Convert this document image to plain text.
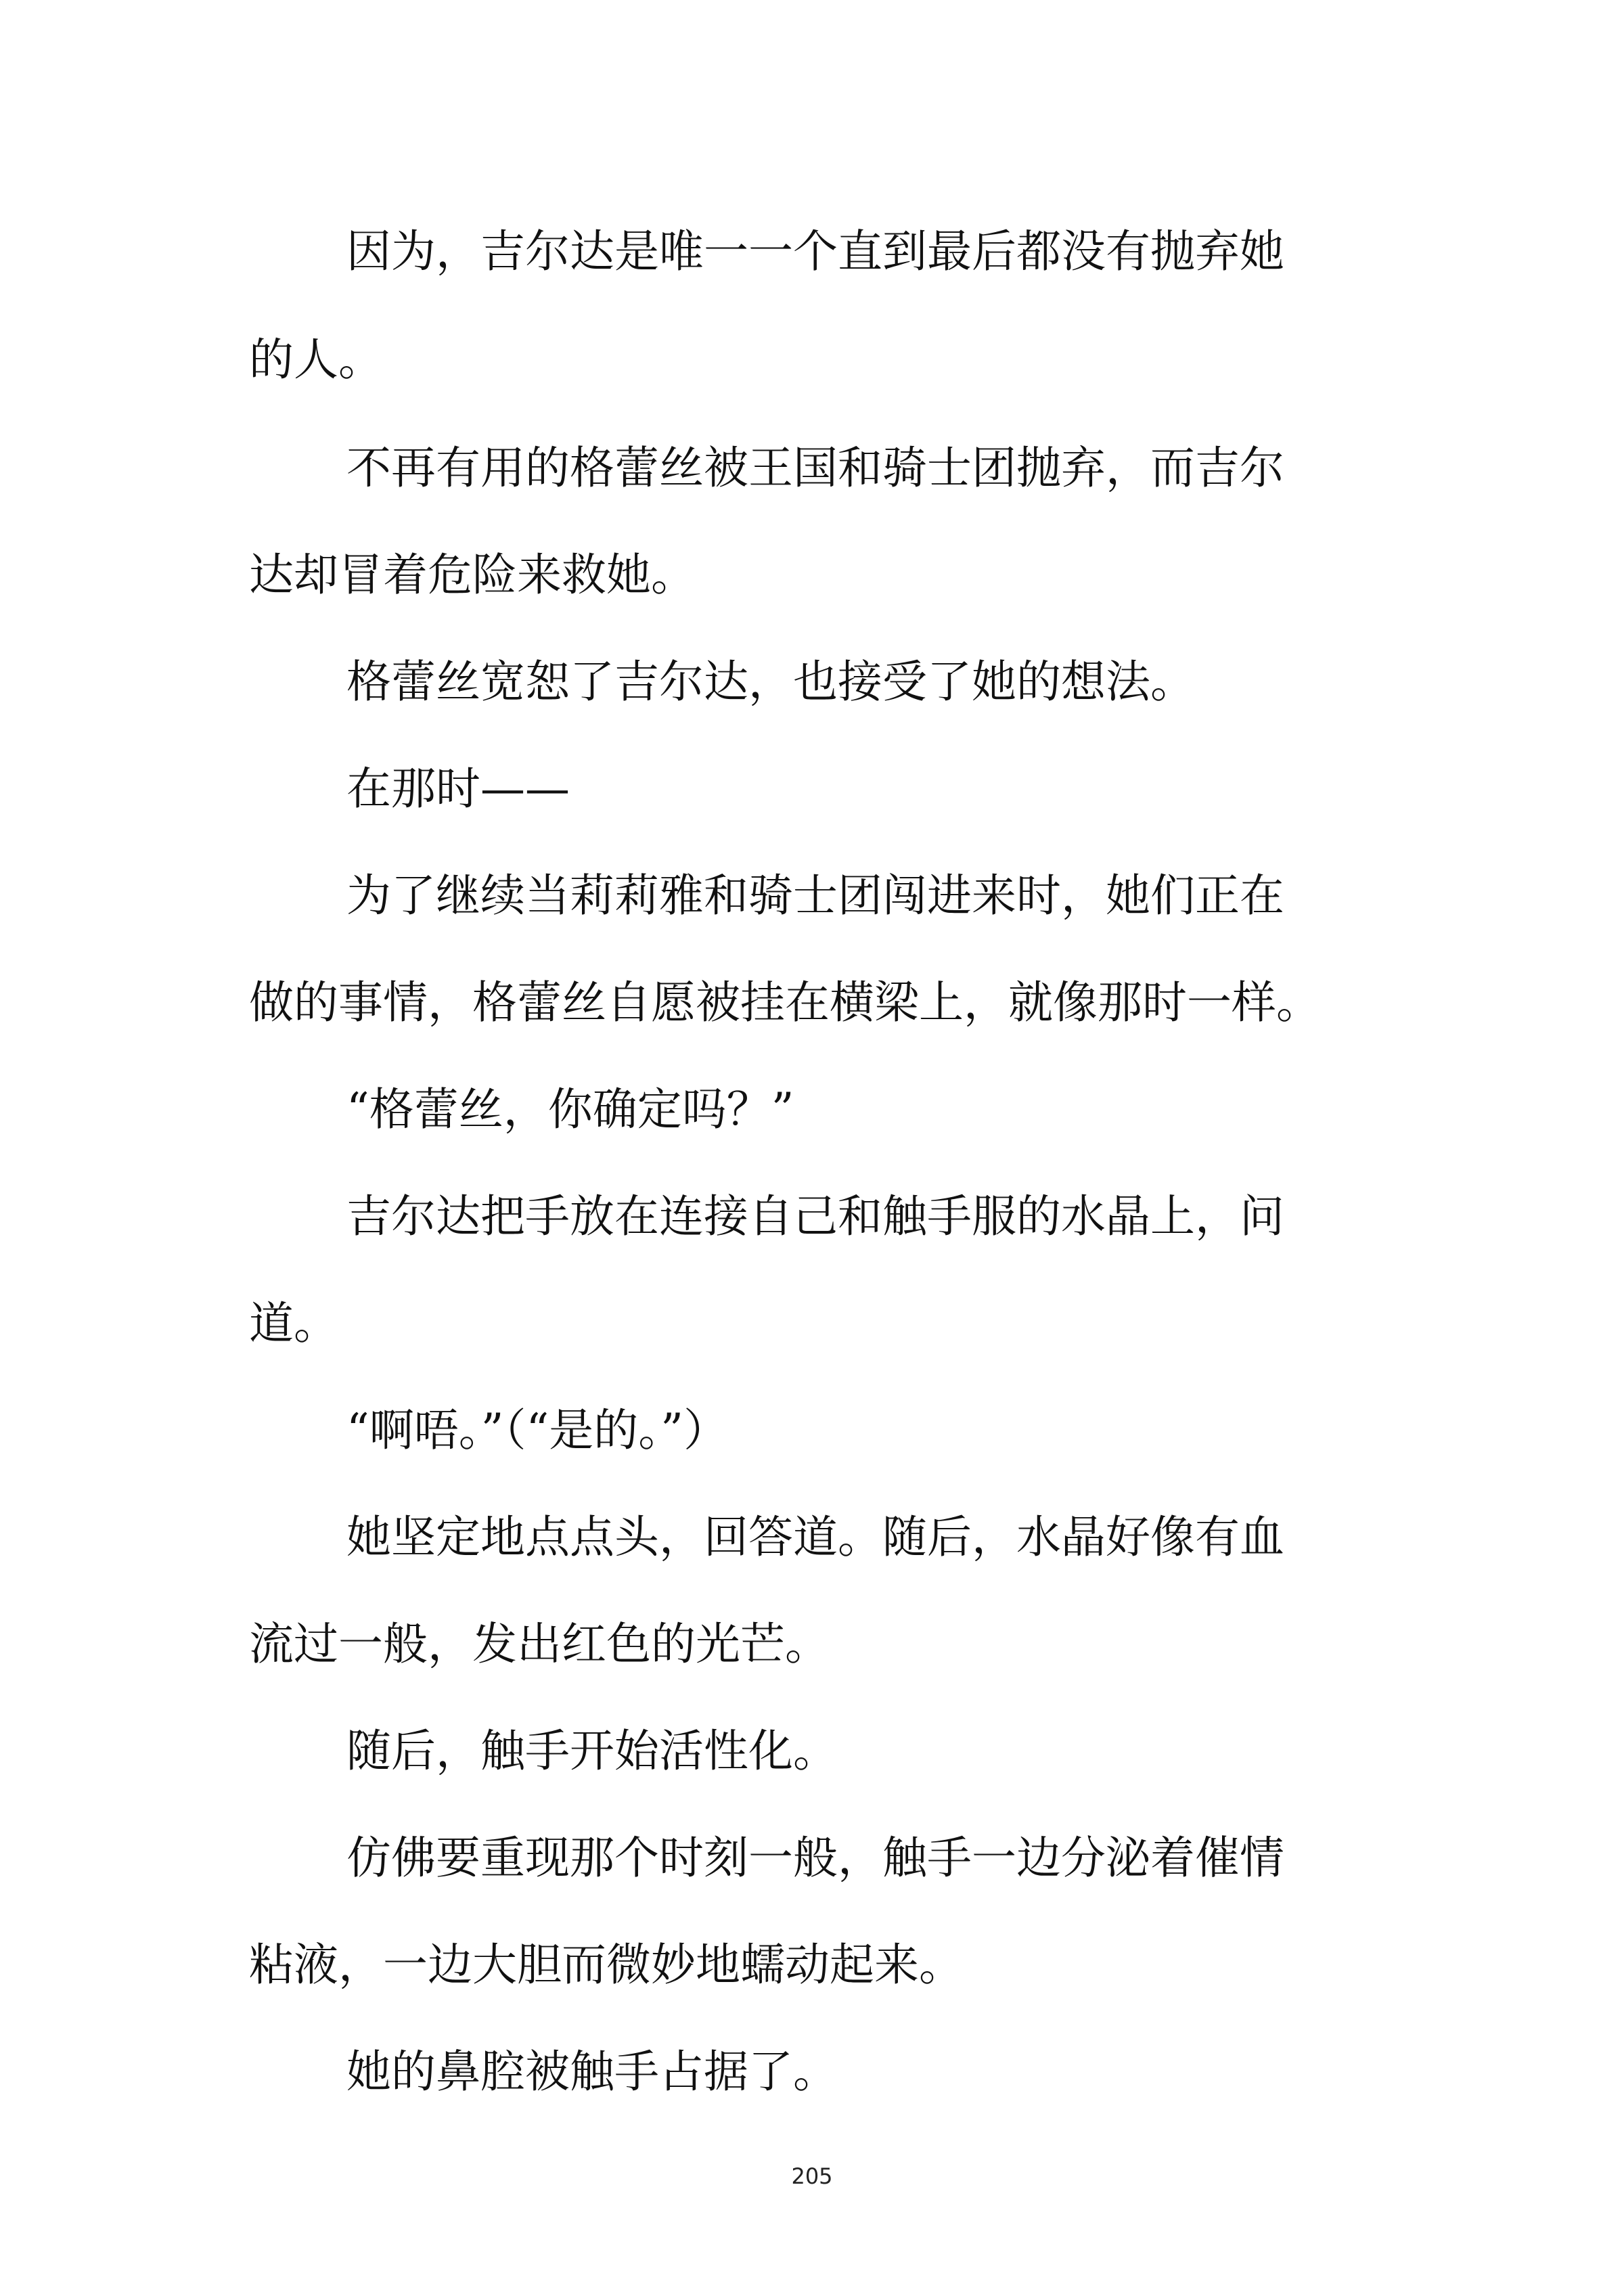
因为，吉尔达是唯一一个直到最后都没有抛弃她
的人。
不再有用的格蕾丝被王国和骑士团抛弃，而吉尔
达却冒着危险来救她。
格蕾丝宽恕了吉尔达，也接受了她的想法。
在那时——
为了继续当莉莉雅和骑士团闯进来时，她们正在
做的事情，格蕾丝自愿被挂在横梁上，就像那时一样。
“格蕾丝，你确定吗？”
吉尔达把手放在连接自己和触手服的水晶上，问
道。
“啊唔。”（“是的。”）
她坚定地点点头，回答道。随后，水晶好像有血
流过一般，发出红色的光芒。
随后，触手开始活性化。
仿佛要重现那个时刻一般，触手一边分泌着催情
粘液，一边大胆而微妙地蠕动起来。
她的鼻腔被触手占据了。
205
